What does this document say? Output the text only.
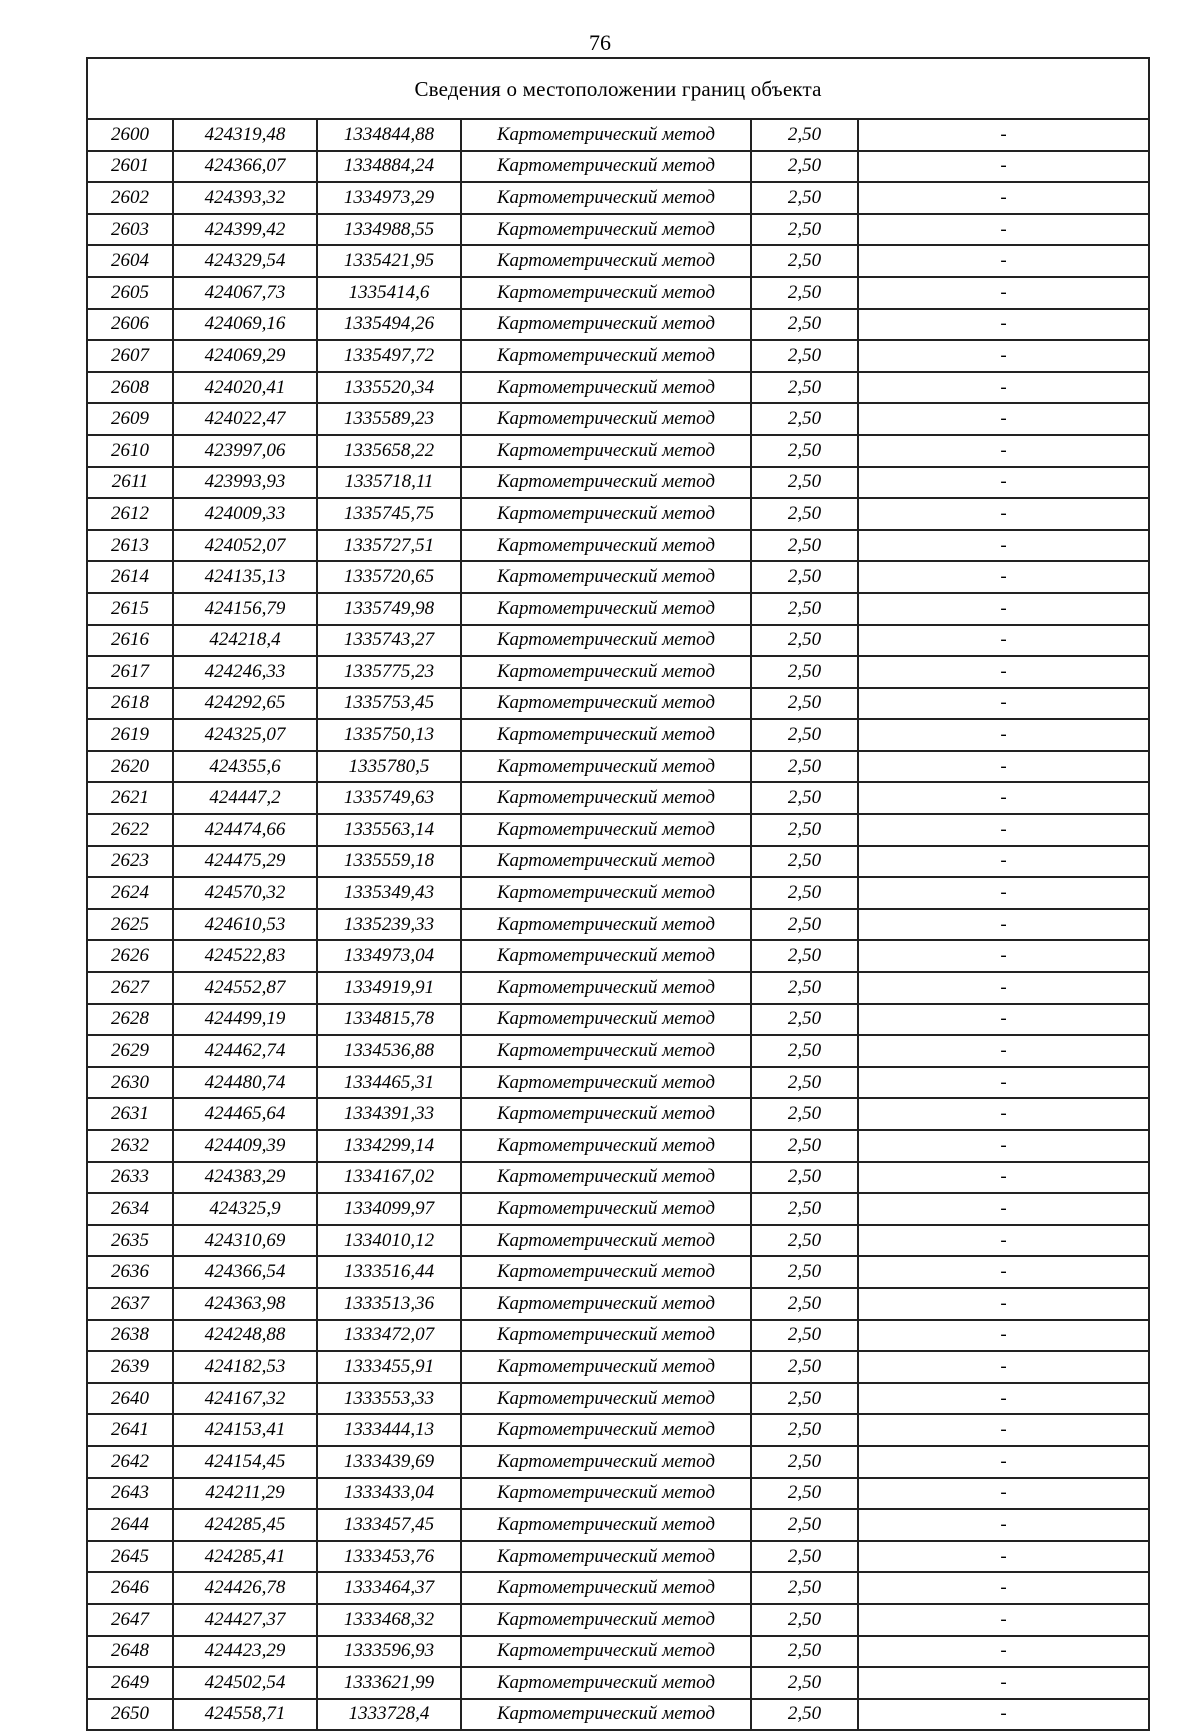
76
Сведения о местоположении границ объекта					
2600	424319,48	1334844,88	Картометрический метод	2,50	-
2601	424366,07	1334884,24	Картометрический метод	2,50	-
2602	424393,32	1334973,29	Картометрический метод	2,50	-
2603	424399,42	1334988,55	Картометрический метод	2,50	-
2604	424329,54	1335421,95	Картометрический метод	2,50	-
2605	424067,73	1335414,6	Картометрический метод	2,50	-
2606	424069,16	1335494,26	Картометрический метод	2,50	-
2607	424069,29	1335497,72	Картометрический метод	2,50	-
2608	424020,41	1335520,34	Картометрический метод	2,50	-
2609	424022,47	1335589,23	Картометрический метод	2,50	-
2610	423997,06	1335658,22	Картометрический метод	2,50	-
2611	423993,93	1335718,11	Картометрический метод	2,50	-
2612	424009,33	1335745,75	Картометрический метод	2,50	-
2613	424052,07	1335727,51	Картометрический метод	2,50	-
2614	424135,13	1335720,65	Картометрический метод	2,50	-
2615	424156,79	1335749,98	Картометрический метод	2,50	-
2616	424218,4	1335743,27	Картометрический метод	2,50	-
2617	424246,33	1335775,23	Картометрический метод	2,50	-
2618	424292,65	1335753,45	Картометрический метод	2,50	-
2619	424325,07	1335750,13	Картометрический метод	2,50	-
2620	424355,6	1335780,5	Картометрический метод	2,50	-
2621	424447,2	1335749,63	Картометрический метод	2,50	-
2622	424474,66	1335563,14	Картометрический метод	2,50	-
2623	424475,29	1335559,18	Картометрический метод	2,50	-
2624	424570,32	1335349,43	Картометрический метод	2,50	-
2625	424610,53	1335239,33	Картометрический метод	2,50	-
2626	424522,83	1334973,04	Картометрический метод	2,50	-
2627	424552,87	1334919,91	Картометрический метод	2,50	-
2628	424499,19	1334815,78	Картометрический метод	2,50	-
2629	424462,74	1334536,88	Картометрический метод	2,50	-
2630	424480,74	1334465,31	Картометрический метод	2,50	-
2631	424465,64	1334391,33	Картометрический метод	2,50	-
2632	424409,39	1334299,14	Картометрический метод	2,50	-
2633	424383,29	1334167,02	Картометрический метод	2,50	-
2634	424325,9	1334099,97	Картометрический метод	2,50	-
2635	424310,69	1334010,12	Картометрический метод	2,50	-
2636	424366,54	1333516,44	Картометрический метод	2,50	-
2637	424363,98	1333513,36	Картометрический метод	2,50	-
2638	424248,88	1333472,07	Картометрический метод	2,50	-
2639	424182,53	1333455,91	Картометрический метод	2,50	-
2640	424167,32	1333553,33	Картометрический метод	2,50	-
2641	424153,41	1333444,13	Картометрический метод	2,50	-
2642	424154,45	1333439,69	Картометрический метод	2,50	-
2643	424211,29	1333433,04	Картометрический метод	2,50	-
2644	424285,45	1333457,45	Картометрический метод	2,50	-
2645	424285,41	1333453,76	Картометрический метод	2,50	-
2646	424426,78	1333464,37	Картометрический метод	2,50	-
2647	424427,37	1333468,32	Картометрический метод	2,50	-
2648	424423,29	1333596,93	Картометрический метод	2,50	-
2649	424502,54	1333621,99	Картометрический метод	2,50	-
2650	424558,71	1333728,4	Картометрический метод	2,50	-
